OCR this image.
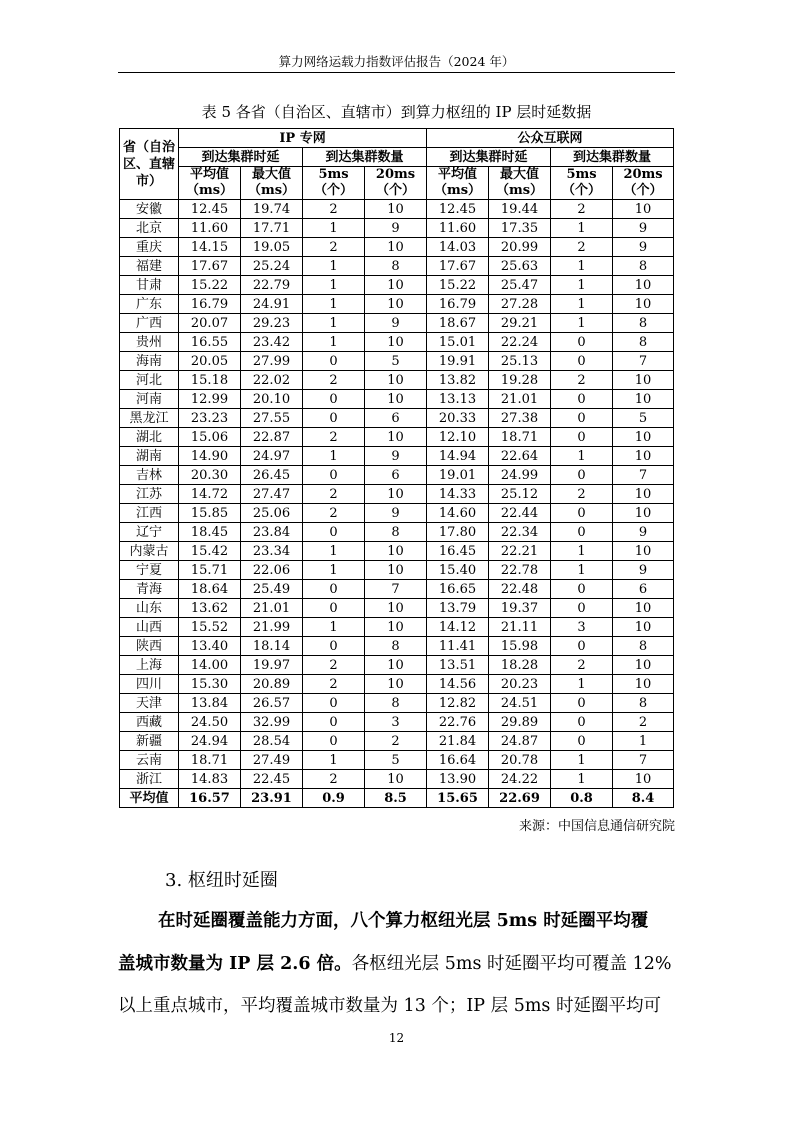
算力网络运载力指数评估报告（2024 年）
表 5 各省（自治区、直辖市）到算力枢纽的 IP 层时延数据
省（自治区、直辖市）	IP 专网				公众互联网			
	到达集群时延		到达集群数量		到达集群时延		到达集群数量	
	平均值（ms）	最大值（ms）	5ms（个）	20ms（个）	平均值（ms）	最大值（ms）	5ms（个）	20ms（个）
安徽	12.45	19.74	2	10	12.45	19.44	2	10
北京	11.60	17.71	1	9	11.60	17.35	1	9
重庆	14.15	19.05	2	10	14.03	20.99	2	9
福建	17.67	25.24	1	8	17.67	25.63	1	8
甘肃	15.22	22.79	1	10	15.22	25.47	1	10
广东	16.79	24.91	1	10	16.79	27.28	1	10
广西	20.07	29.23	1	9	18.67	29.21	1	8
贵州	16.55	23.42	1	10	15.01	22.24	0	8
海南	20.05	27.99	0	5	19.91	25.13	0	7
河北	15.18	22.02	2	10	13.82	19.28	2	10
河南	12.99	20.10	0	10	13.13	21.01	0	10
黑龙江	23.23	27.55	0	6	20.33	27.38	0	5
湖北	15.06	22.87	2	10	12.10	18.71	0	10
湖南	14.90	24.97	1	9	14.94	22.64	1	10
吉林	20.30	26.45	0	6	19.01	24.99	0	7
江苏	14.72	27.47	2	10	14.33	25.12	2	10
江西	15.85	25.06	2	9	14.60	22.44	0	10
辽宁	18.45	23.84	0	8	17.80	22.34	0	9
内蒙古	15.42	23.34	1	10	16.45	22.21	1	10
宁夏	15.71	22.06	1	10	15.40	22.78	1	9
青海	18.64	25.49	0	7	16.65	22.48	0	6
山东	13.62	21.01	0	10	13.79	19.37	0	10
山西	15.52	21.99	1	10	14.12	21.11	3	10
陕西	13.40	18.14	0	8	11.41	15.98	0	8
上海	14.00	19.97	2	10	13.51	18.28	2	10
四川	15.30	20.89	2	10	14.56	20.23	1	10
天津	13.84	26.57	0	8	12.82	24.51	0	8
西藏	24.50	32.99	0	3	22.76	29.89	0	2
新疆	24.94	28.54	0	2	21.84	24.87	0	1
云南	18.71	27.49	1	5	16.64	20.78	1	7
浙江	14.83	22.45	2	10	13.90	24.22	1	10
平均值	16.57	23.91	0.9	8.5	15.65	22.69	0.8	8.4
来源：中国信息通信研究院
3. 枢纽时延圈
在时延圈覆盖能力方面，八个算力枢纽光层 5ms 时延圈平均覆
盖城市数量为 IP 层 2.6 倍。各枢纽光层 5ms 时延圈平均可覆盖 12%
以上重点城市，平均覆盖城市数量为 13 个；IP 层 5ms 时延圈平均可
12
